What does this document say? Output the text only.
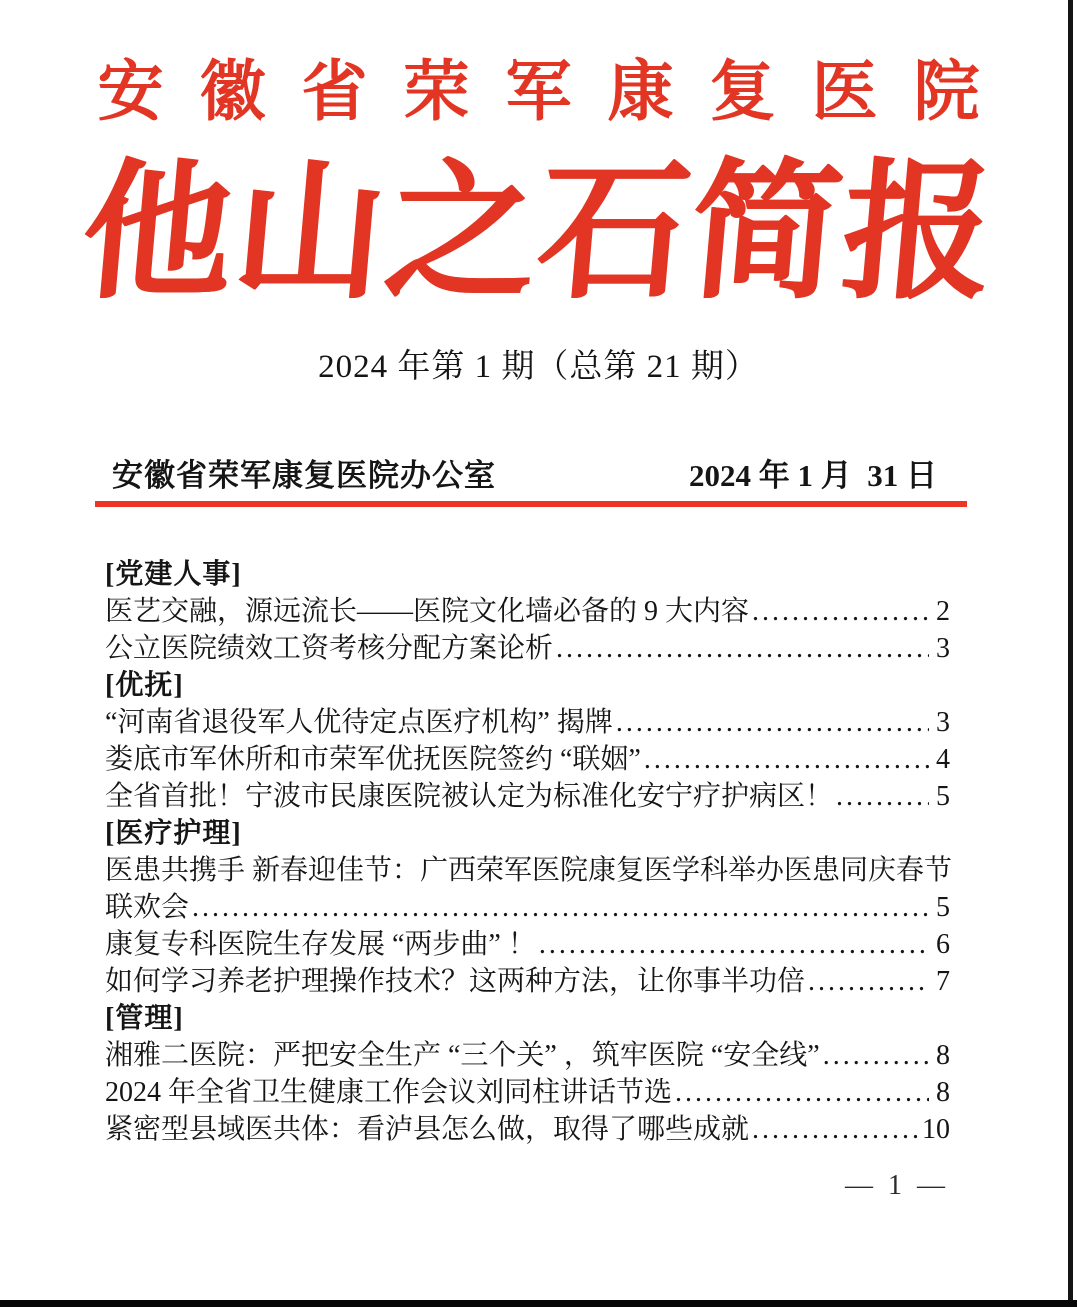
安徽省荣军康复医院
他山之石简报
2024 年第 1 期（总第 21 期）
安徽省荣军康复医院办公室	2024 年 1 月  31 日
[党建人事]
医艺交融，源远流长——医院文化墙必备的 9 大内容 .....	2
公立医院绩效工资考核分配方案论析 .....	3
[优抚]
“河南省退役军人优待定点医疗机构” 揭牌 .....	3
娄底市军休所和市荣军优抚医院签约 “联姻” .....	4
全省首批！宁波市民康医院被认定为标准化安宁疗护病区！ .....	5
[医疗护理]
医患共携手 新春迎佳节：广西荣军医院康复医学科举办医患同庆春节
联欢会 .....	5
康复专科医院生存发展 “两步曲” ！ .....	6
如何学习养老护理操作技术？这两种方法，让你事半功倍 .....	7
[管理]
湘雅二医院：严把安全生产 “三个关” ，筑牢医院 “安全线” .....	8
2024 年全省卫生健康工作会议刘同柱讲话节选 .....	8
紧密型县域医共体：看泸县怎么做，取得了哪些成就 .....	10
— 1 —
